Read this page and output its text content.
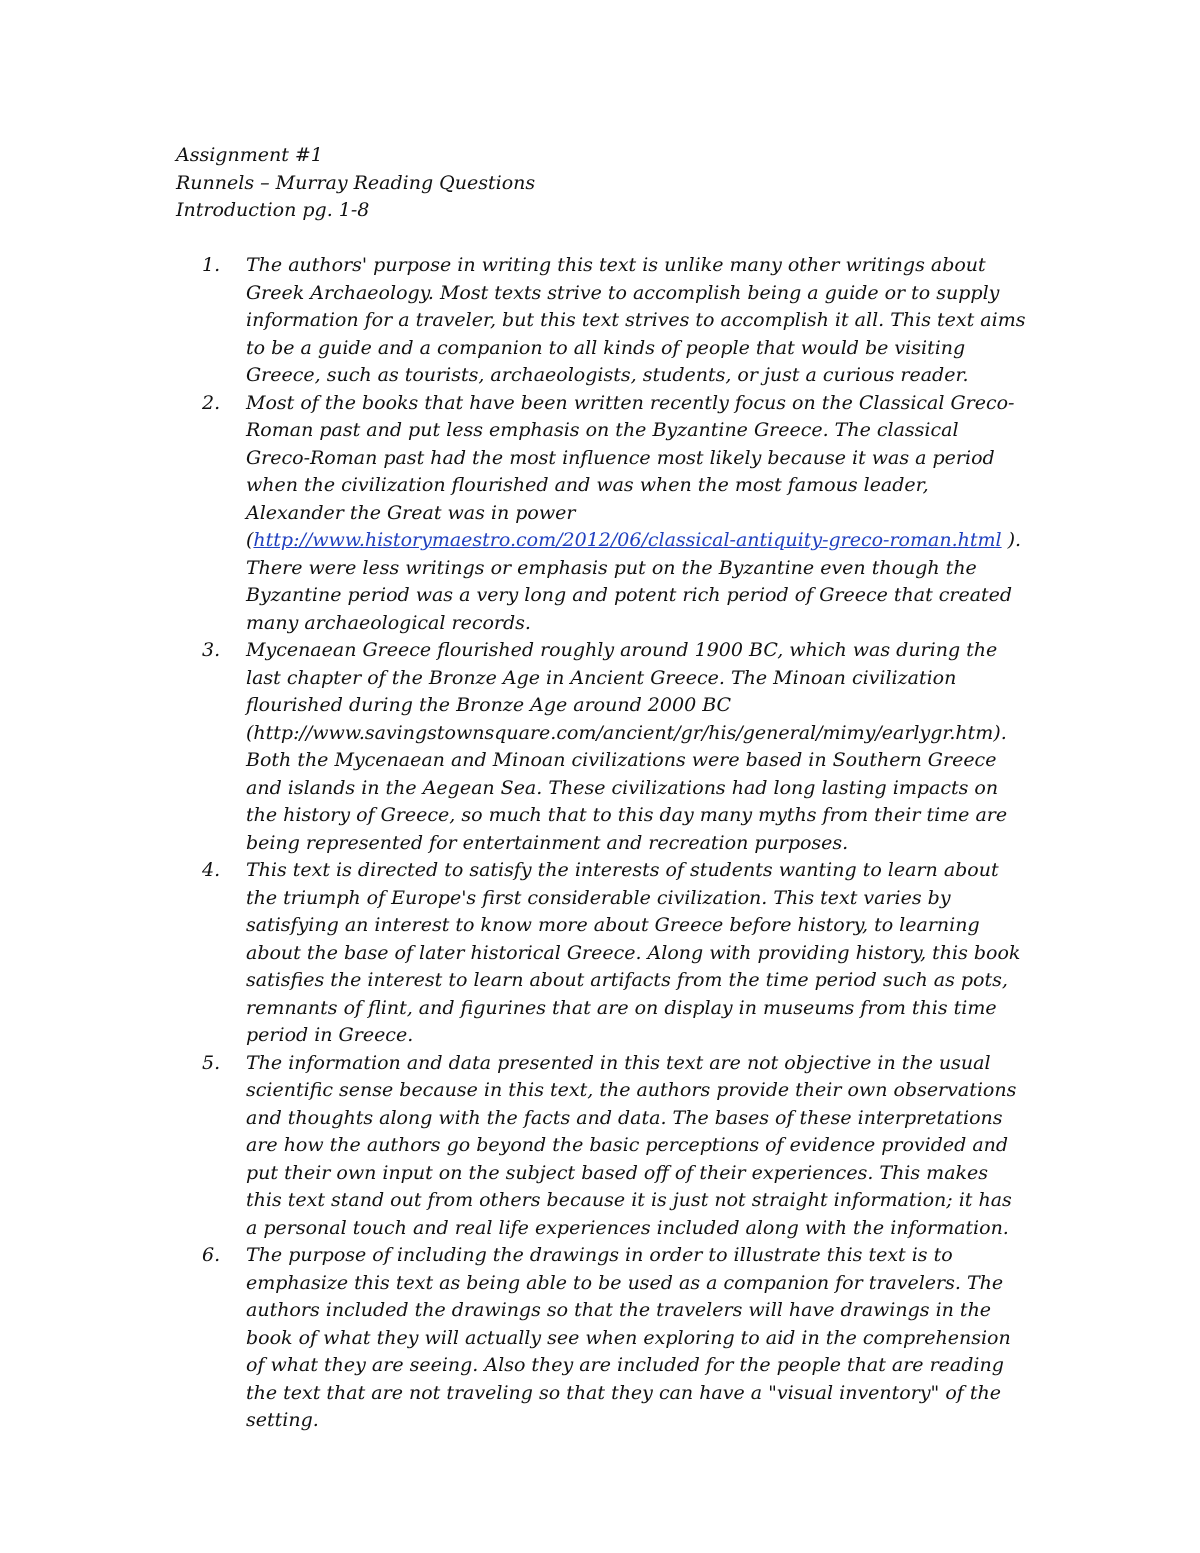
Assignment #1

Runnels – Murray Reading Questions

Introduction pg. 1-8

1.	The authors' purpose in writing this text is unlike many other writings about Greek Archaeology. Most texts strive to accomplish being a guide or to supply information for a traveler, but this text strives to accomplish it all. This text aims to be a guide and a companion to all kinds of people that would be visiting Greece, such as tourists, archaeologists, students, or just a curious reader.
2.	Most of the books that have been written recently focus on the Classical Greco-Roman past and put less emphasis on the Byzantine Greece. The classical Greco-Roman past had the most influence most likely because it was a period when the civilization flourished and was when the most famous leader, Alexander the Great was in power (http://www.historymaestro.com/2012/06/classical-antiquity-greco-roman.html ). There were less writings or emphasis put on the Byzantine even though the Byzantine period was a very long and potent rich period of Greece that created many archaeological records.
3.	Mycenaean Greece flourished roughly around 1900 BC, which was during the last chapter of the Bronze Age in Ancient Greece. The Minoan civilization flourished during the Bronze Age around 2000 BC (http://www.savingstownsquare.com/ancient/gr/his/general/mimy/earlygr.htm). Both the Mycenaean and Minoan civilizations were based in Southern Greece and islands in the Aegean Sea. These civilizations had long lasting impacts on the history of Greece, so much that to this day many myths from their time are being represented for entertainment and recreation purposes.
4.	This text is directed to satisfy the interests of students wanting to learn about the triumph of Europe's first considerable civilization. This text varies by satisfying an interest to know more about Greece before history, to learning about the base of later historical Greece. Along with providing history, this book satisfies the interest to learn about artifacts from the time period such as pots, remnants of flint, and figurines that are on display in museums from this time period in Greece.
5.	The information and data presented in this text are not objective in the usual scientific sense because in this text, the authors provide their own observations and thoughts along with the facts and data. The bases of these interpretations are how the authors go beyond the basic perceptions of evidence provided and put their own input on the subject based off of their experiences. This makes this text stand out from others because it is just not straight information; it has a personal touch and real life experiences included along with the information.
6.	The purpose of including the drawings in order to illustrate this text is to emphasize this text as being able to be used as a companion for travelers. The authors included the drawings so that the travelers will have drawings in the book of what they will actually see when exploring to aid in the comprehension of what they are seeing. Also they are included for the people that are reading the text that are not traveling so that they can have a "visual inventory" of the setting.
